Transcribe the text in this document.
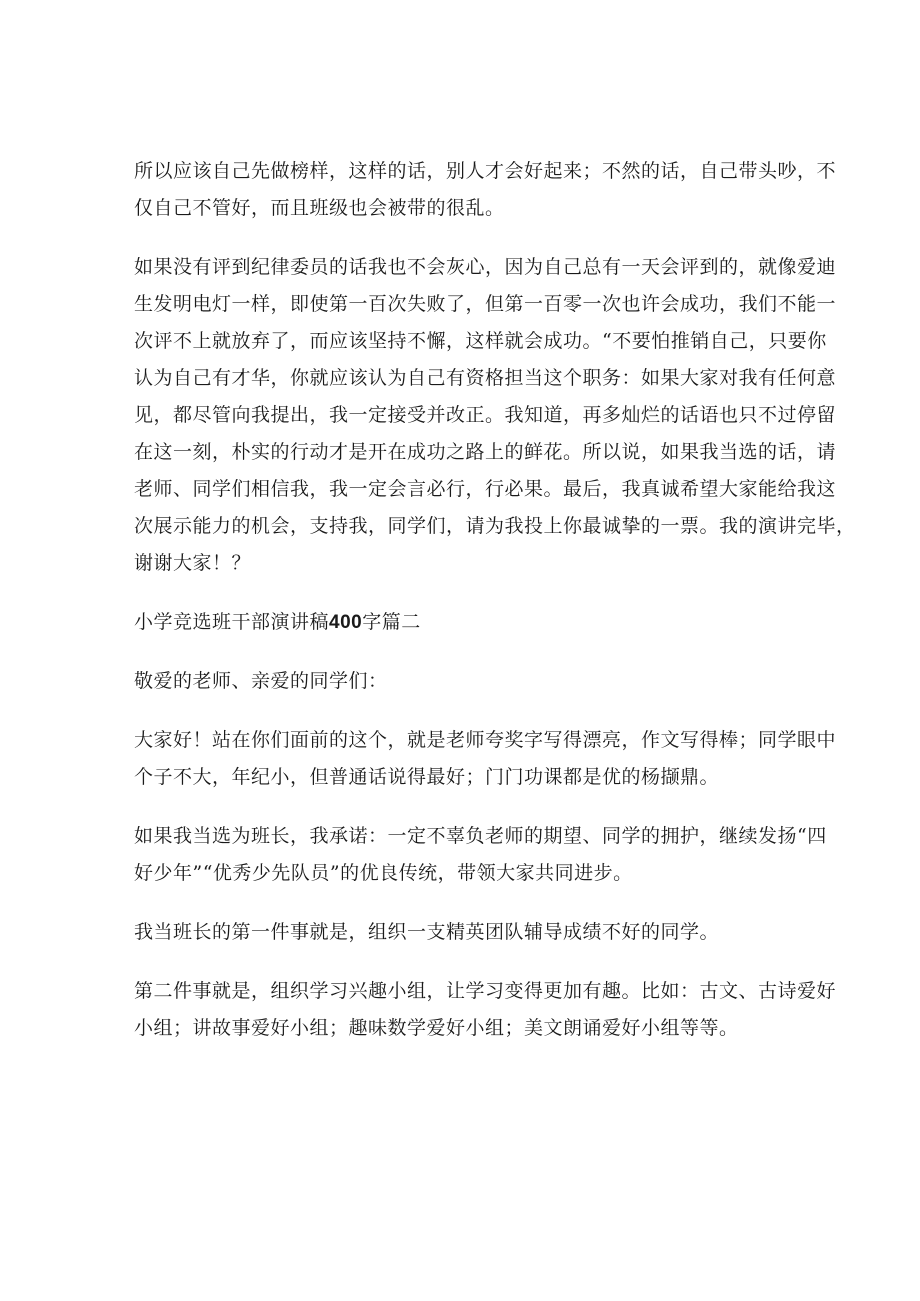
所以应该自己先做榜样，这样的话，别人才会好起来；不然的话，自己带头吵，不
仅自己不管好，而且班级也会被带的很乱。

如果没有评到纪律委员的话我也不会灰心，因为自己总有一天会评到的，就像爱迪
生发明电灯一样，即使第一百次失败了，但第一百零一次也许会成功，我们不能一
次评不上就放弃了，而应该坚持不懈，这样就会成功。“不要怕推销自己，只要你
认为自己有才华，你就应该认为自己有资格担当这个职务：如果大家对我有任何意
见，都尽管向我提出，我一定接受并改正。我知道，再多灿烂的话语也只不过停留
在这一刻，朴实的行动才是开在成功之路上的鲜花。所以说，如果我当选的话，请
老师、同学们相信我，我一定会言必行，行必果。最后，我真诚希望大家能给我这
次展示能力的机会，支持我，同学们，请为我投上你最诚挚的一票。我的演讲完毕，
谢谢大家！？

小学竞选班干部演讲稿400字篇二

敬爱的老师、亲爱的同学们：

大家好！站在你们面前的这个，就是老师夸奖字写得漂亮，作文写得棒；同学眼中
个子不大，年纪小，但普通话说得最好；门门功课都是优的杨撷鼎。

如果我当选为班长，我承诺：一定不辜负老师的期望、同学的拥护，继续发扬“四
好少年”“优秀少先队员”的优良传统，带领大家共同进步。

我当班长的第一件事就是，组织一支精英团队辅导成绩不好的同学。

第二件事就是，组织学习兴趣小组，让学习变得更加有趣。比如：古文、古诗爱好
小组；讲故事爱好小组；趣味数学爱好小组；美文朗诵爱好小组等等。
